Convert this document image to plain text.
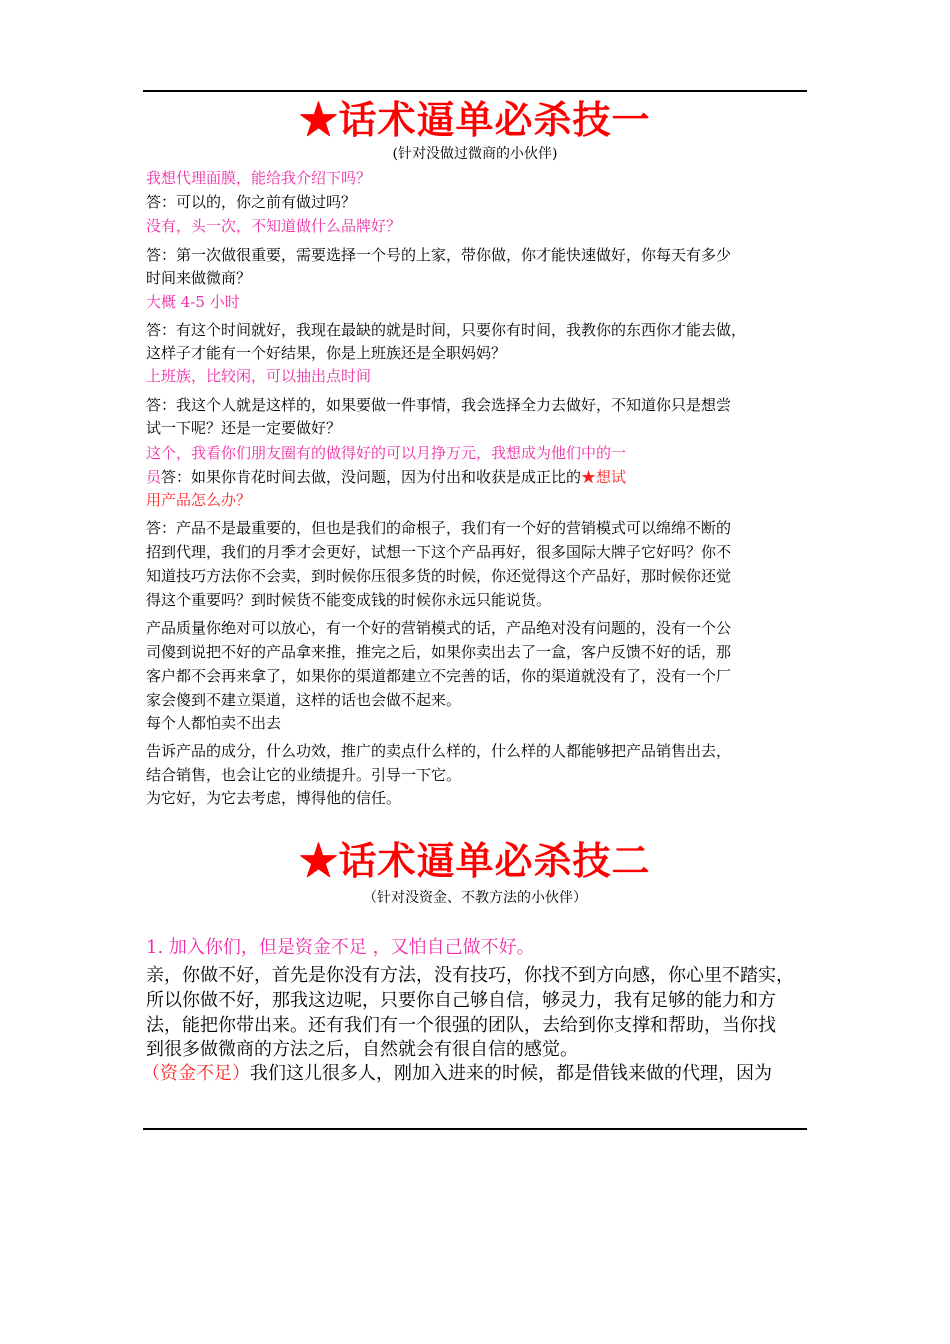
★话术逼单必杀技一
(针对没做过微商的小伙伴)
我想代理面膜，能给我介绍下吗？
答：可以的，你之前有做过吗？
没有，头一次，不知道做什么品牌好？
答：第一次做很重要，需要选择一个号的上家，带你做，你才能快速做好，你每天有多少
时间来做微商？
大概 4-5 小时
答：有这个时间就好，我现在最缺的就是时间，只要你有时间，我教你的东西你才能去做，
这样子才能有一个好结果，你是上班族还是全职妈妈？
上班族，比较闲，可以抽出点时间
答：我这个人就是这样的，如果要做一件事情，我会选择全力去做好，不知道你只是想尝
试一下呢？还是一定要做好？
这个，我看你们朋友圈有的做得好的可以月挣万元，我想成为他们中的一
员答：如果你肯花时间去做，没问题，因为付出和收获是成正比的★想试
用产品怎么办？
答：产品不是最重要的，但也是我们的命根子，我们有一个好的营销模式可以绵绵不断的
招到代理，我们的月季才会更好，试想一下这个产品再好，很多国际大牌子它好吗？你不
知道技巧方法你不会卖，到时候你压很多货的时候，你还觉得这个产品好，那时候你还觉
得这个重要吗？到时候货不能变成钱的时候你永远只能说货。
产品质量你绝对可以放心，有一个好的营销模式的话，产品绝对没有问题的，没有一个公
司傻到说把不好的产品拿来推，推完之后，如果你卖出去了一盒，客户反馈不好的话，那
客户都不会再来拿了，如果你的渠道都建立不完善的话，你的渠道就没有了，没有一个厂
家会傻到不建立渠道，这样的话也会做不起来。
每个人都怕卖不出去
告诉产品的成分，什么功效，推广的卖点什么样的，什么样的人都能够把产品销售出去，
结合销售，也会让它的业绩提升。引导一下它。
为它好，为它去考虑，博得他的信任。
★话术逼单必杀技二
（针对没资金、不教方法的小伙伴）
1. 加入你们，但是资金不足 ，又怕自己做不好。
亲，你做不好，首先是你没有方法，没有技巧，你找不到方向感，你心里不踏实，
所以你做不好，那我这边呢，只要你自己够自信，够灵力，我有足够的能力和方
法，能把你带出来。还有我们有一个很强的团队，去给到你支撑和帮助，当你找
到很多做微商的方法之后，自然就会有很自信的感觉。
（资金不足）我们这儿很多人，刚加入进来的时候，都是借钱来做的代理，因为
